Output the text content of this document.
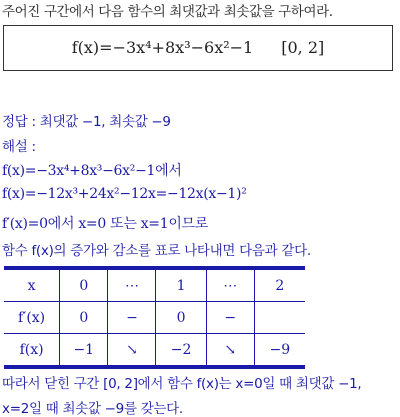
주어진 구간에서 다음 함수의 최댓값과 최솟값을 구하여라.
f(x)=−3x⁴+8x³−6x²−1 [0, 2]
정답 : 최댓값 −1, 최솟값 −9
해설 :
f(x)=−3x⁴+8x³−6x²−1에서
f(x)=−12x³+24x²−12x=−12x(x−1)²
f′(x)=0에서 x=0 또는 x=1이므로
함수 f(x)의 증가와 감소를 표로 나타내면 다음과 같다.
x	0	⋯	1	⋯	2
f′(x)	0	−	0	−	
f(x)	−1	↘	−2	↘	−9
따라서 닫힌 구간 [0, 2]에서 함수 f(x)는 x=0일 때 최댓값 −1,
x=2일 때 최솟값 −9를 갖는다.
